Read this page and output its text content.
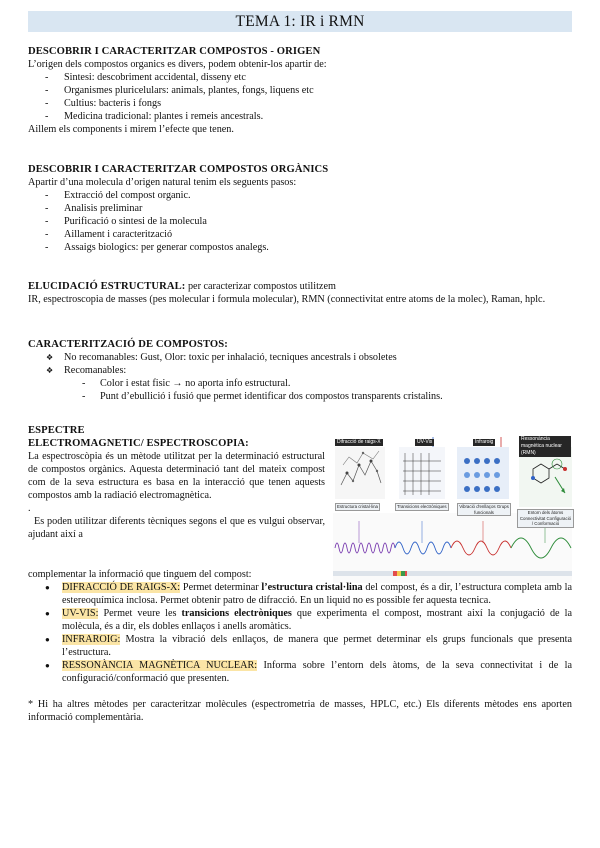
TEMA 1: IR i RMN

DESCOBRIR I CARACTERITZAR COMPOSTOS - ORIGEN

L’origen dels compostos organics es divers, podem obtenir-los apartir de:

- Sintesi: descobriment accidental, disseny etc
- Organismes pluricelulars: animals, plantes, fongs, liquens etc
- Cultius: bacteris i fongs
- Medicina tradicional: plantes i remeis ancestrals.

Aillem els components i mirem l’efecte que tenen.

DESCOBRIR I CARACTERITZAR COMPOSTOS ORGÀNICS

Apartir d’una molecula d’origen natural tenim els seguents pasos:

- Extracció del compost organic.
- Analisis preliminar
- Purificació o sintesi de la molecula
- Aillament i caracterització
- Assaigs biologics: per generar compostos analegs.

ELUCIDACIÓ ESTRUCTURAL: per caracterizar compostos utilitzem

IR, espectroscopia de masses (pes molecular i formula molecular), RMN (connectivitat entre atoms de la molec), Raman, hplc.

CARACTERITZACIÓ DE COMPOSTOS:

❖ No recomanables: Gust, Olor: toxic per inhalació, tecniques ancestrals i obsoletes
❖ Recomanables:
- Color i estat fisic → no aporta info estructural.
- Punt d’ebullició i fusió que permet identificar dos compostos transparents cristalins.

ESPECTRE

ELECTROMAGNETIC/ ESPECTROSCOPIA:

La espectroscòpia és un mètode utilitzat per la determinació estructural de compostos orgànics. Aquesta determinació tant del mateix compost com de la seva estructura es basa en la interacció que tenen aquests compostos amb la radiació electromagnètica.

.

Es poden utilitzar diferents tècniques segons el que es vulgui observar, ajudant així a

Difracció de raigs-X	UV-Vis	Infraroig	Ressonància magnètica nuclear (RMN)
Estructura cristal·lina	Transicions electròniques	Vibració d'enllaços Grups funcionals	Entorn dels àtoms Connectivitat Configuració / Conformació

complementar la informació que tinguem del compost:

● DIFRACCIÓ DE RAIGS-X: Permet determinar l’estructura cristal·lina del compost, és a dir, l’estructura completa amb la estereoquímica inclosa. Permet obtenir patro de difracció. En un liquid no es possible fer aquesta tecnica.
● UV-VIS: Permet veure les transicions electròniques que experimenta el compost, mostrant així la conjugació de la molècula, és a dir, els dobles enllaços i anells aromàtics.
● INFRAROIG: Mostra la vibració dels enllaços, de manera que permet determinar els grups funcionals que presenta l’estructura.
● RESSONÀNCIA MAGNÈTICA NUCLEAR: Informa sobre l’entorn dels àtoms, de la seva connectivitat i de la configuració/conformació que presenten.

* Hi ha altres mètodes per caracteritzar molècules (espectrometria de masses, HPLC, etc.) Els diferents mètodes ens aporten informació complementària.
